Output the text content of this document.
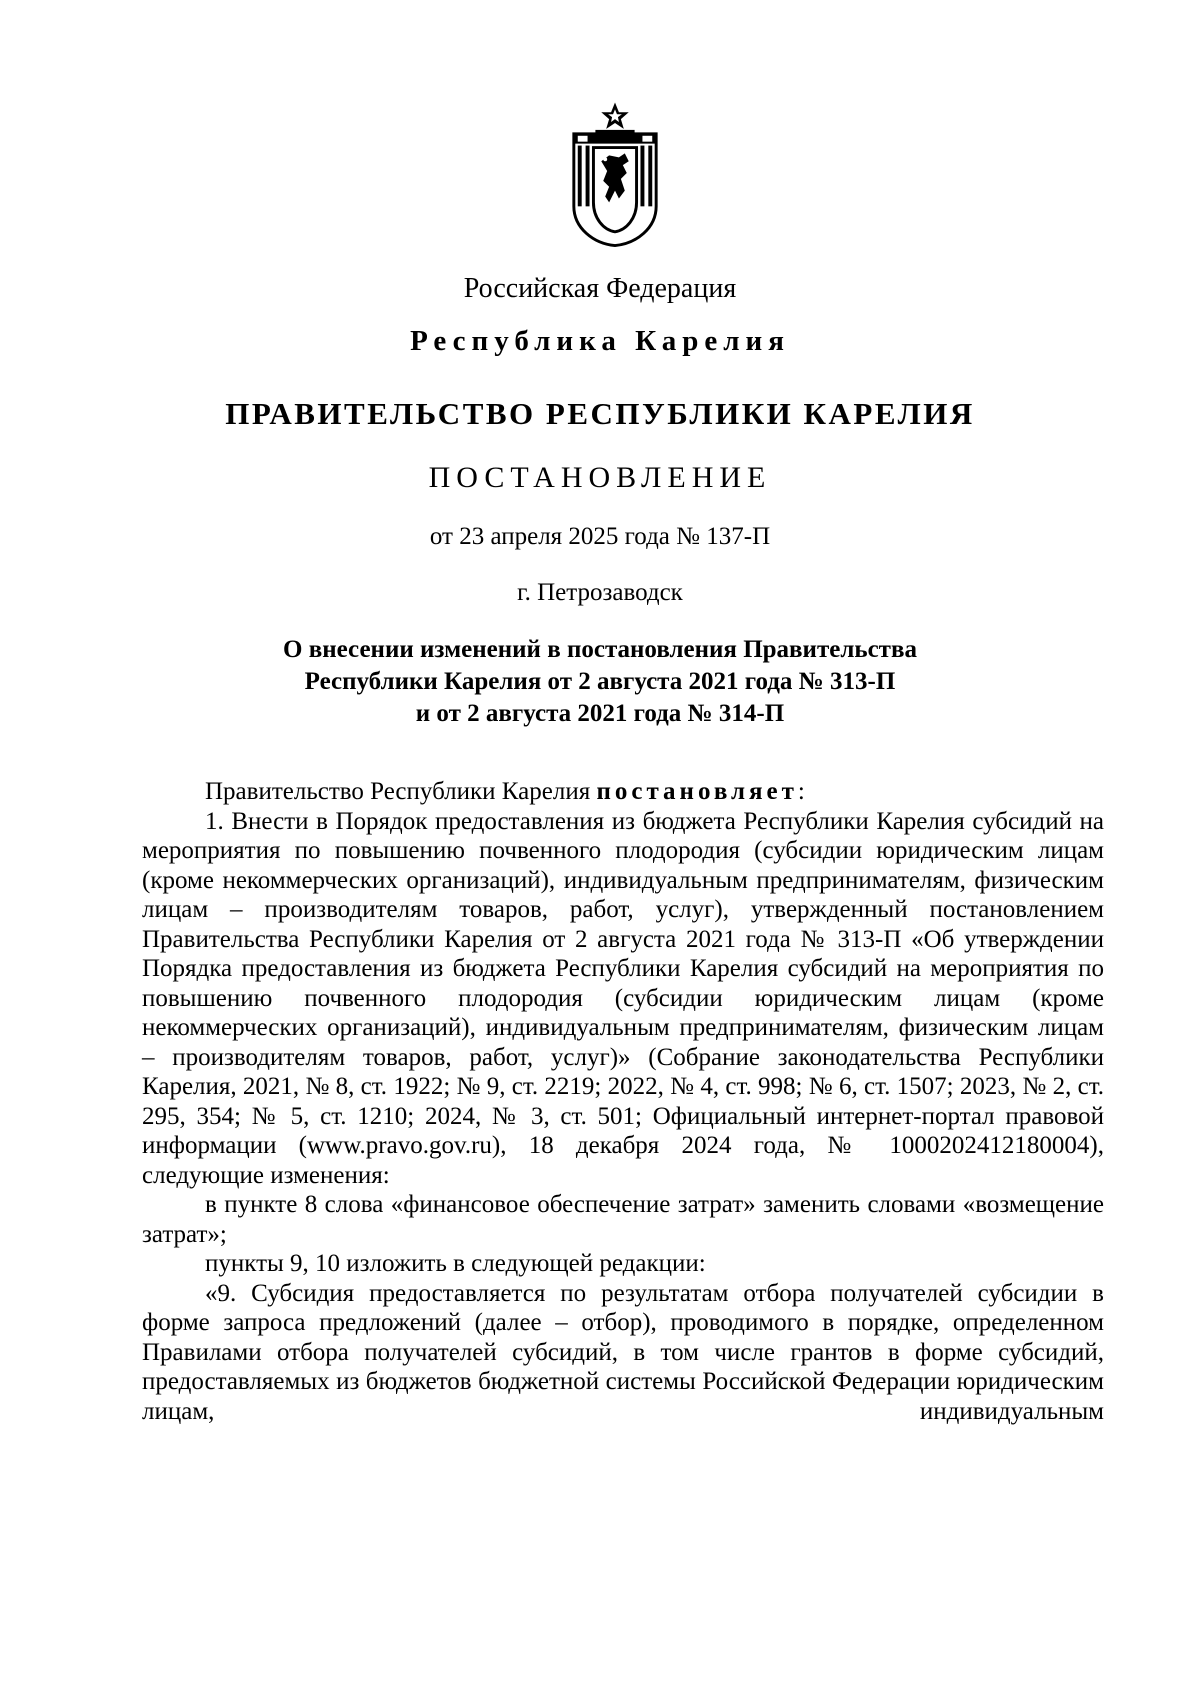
Российская Федерация
Республика Карелия
ПРАВИТЕЛЬСТВО РЕСПУБЛИКИ КАРЕЛИЯ
ПОСТАНОВЛЕНИЕ
от 23 апреля 2025 года № 137-П
г. Петрозаводск
О внесении изменений в постановления Правительства
Республики Карелия от 2 августа 2021 года № 313-П
и от 2 августа 2021 года № 314-П

Правительство Республики Карелия постановляет:

1. Внести в Порядок предоставления из бюджета Республики Карелия субсидий на мероприятия по повышению почвенного плодородия (субсидии юридическим лицам (кроме некоммерческих организаций), индивидуальным предпринимателям, физическим лицам – производителям товаров, работ, услуг), утвержденный постановлением Правительства Республики Карелия от 2 августа 2021 года № 313-П «Об утверждении Порядка предоставления из бюджета Республики Карелия субсидий на мероприятия по повышению почвенного плодородия (субсидии юридическим лицам (кроме некоммерческих организаций), индивидуальным предпринимателям, физическим лицам – производителям товаров, работ, услуг)» (Собрание законодательства Республики Карелия, 2021, № 8, ст. 1922; № 9, ст. 2219; 2022, № 4, ст. 998; № 6, ст. 1507; 2023, № 2, ст. 295, 354; № 5, ст. 1210; 2024, № 3, ст. 501; Официальный интернет-портал правовой информации (www.pravo.gov.ru), 18 декабря 2024 года, № 1000202412180004), следующие изменения:

в пункте 8 слова «финансовое обеспечение затрат» заменить словами «возмещение затрат»;

пункты 9, 10 изложить в следующей редакции:

«9. Субсидия предоставляется по результатам отбора получателей субсидии в форме запроса предложений (далее – отбор), проводимого в порядке, определенном Правилами отбора получателей субсидий, в том числе грантов в форме субсидий, предоставляемых из бюджетов бюджетной системы Российской Федерации юридическим лицам, индивидуальным
